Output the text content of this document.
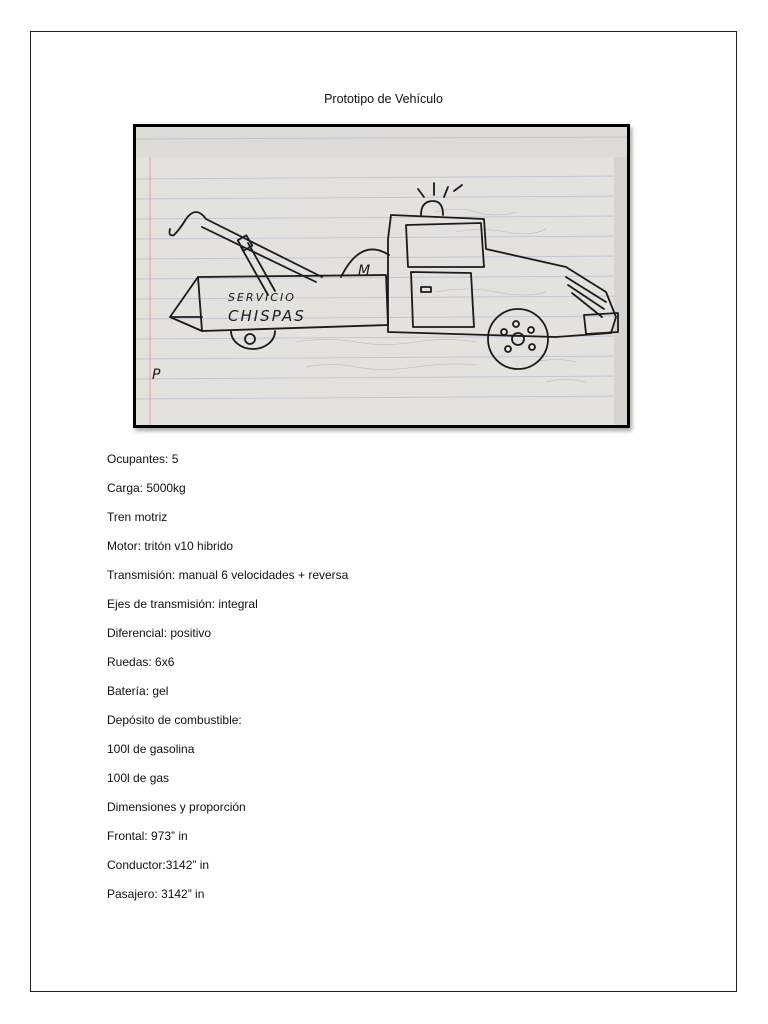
Prototipo de Vehículo
SERVICIO
CHISPAS
M
P
Ocupantes: 5
Carga: 5000kg
Tren motriz
Motor: tritón v10 hibrido
Transmisión: manual 6 velocidades + reversa
Ejes de transmisión: integral
Diferencial: positivo
Ruedas: 6x6
Batería: gel
Depósito de combustible:
100l de gasolina
100l de gas
Dimensiones y proporción
Frontal: 973” in
Conductor:3142” in
Pasajero: 3142” in
